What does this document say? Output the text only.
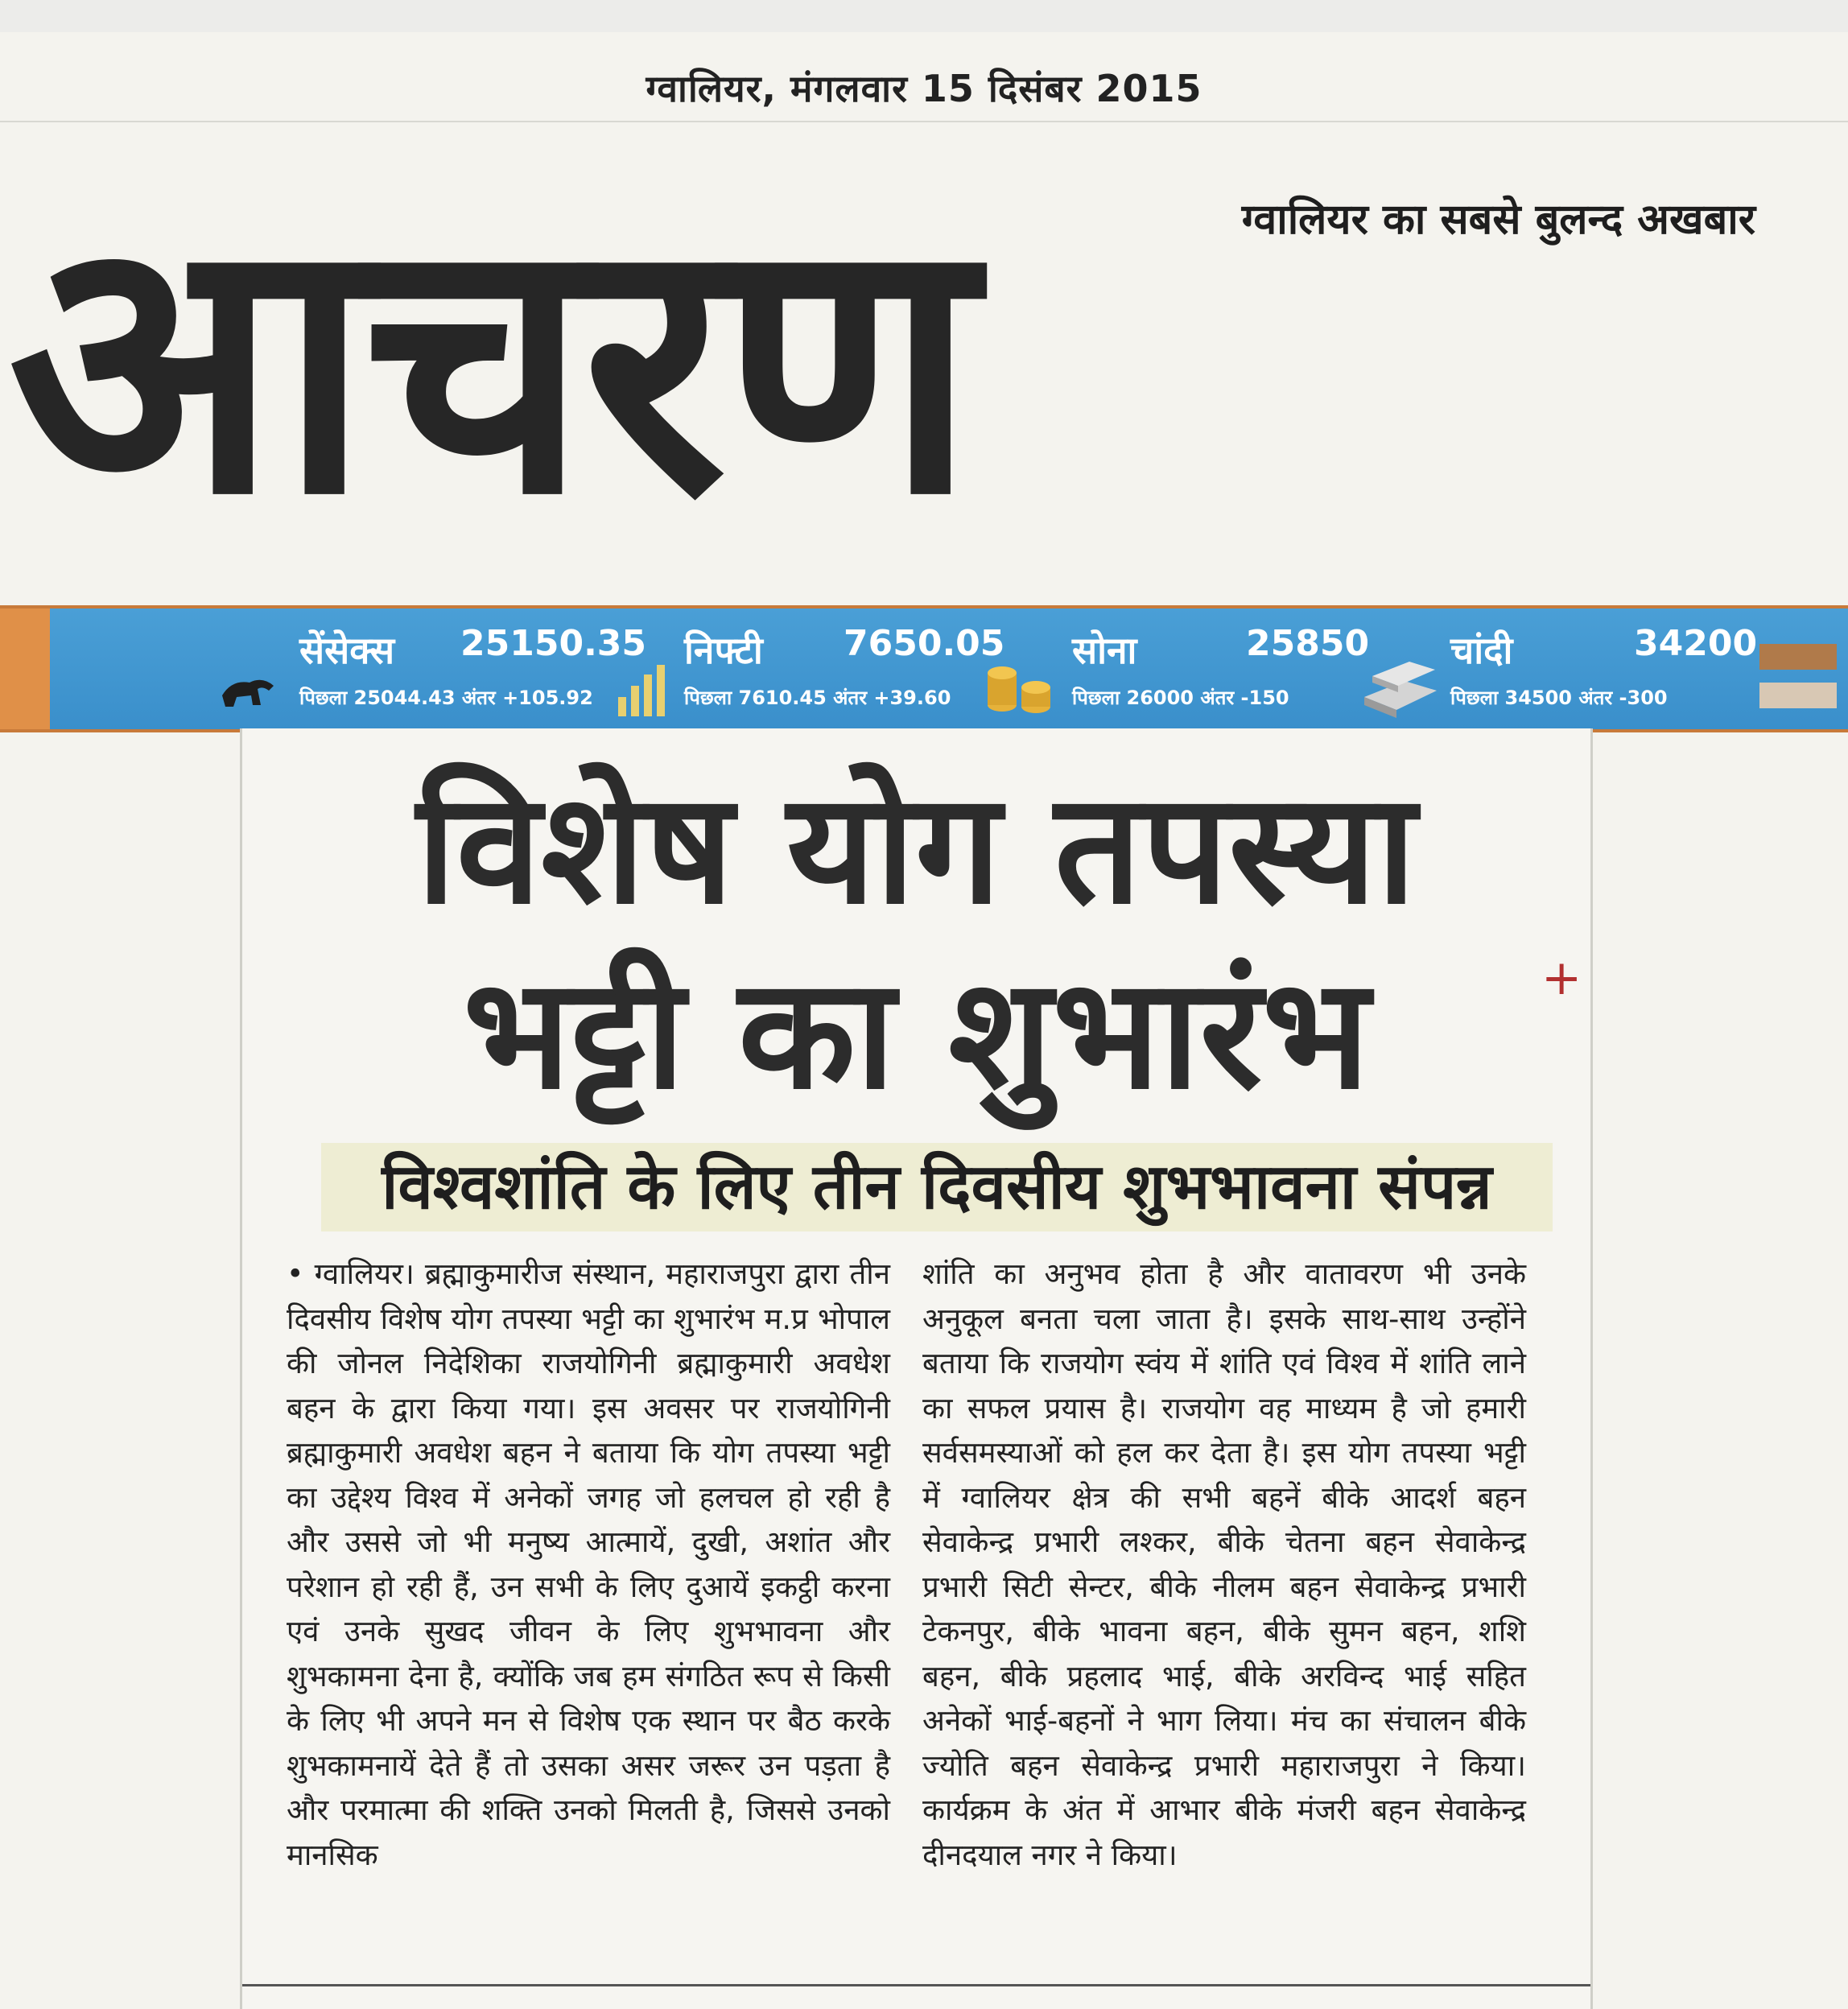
ग्वालियर, मंगलवार 15 दिसंबर 2015
ग्वालियर का सबसे बुलन्द अखबार
आचरण
सेंसेक्स 25150.35
पिछला 25044.43 अंतर +105.92
निफ्टी 7650.05
पिछला 7610.45 अंतर +39.60
सोना	25850
पिछला 26000 अंतर -150
चांदी	34200
पिछला 34500 अंतर -300
विशेष योग तपस्या
भट्टी का शुभारंभ
विश्वशांति के लिए तीन दिवसीय शुभभावना संपन्न
• ग्वालियर। ब्रह्माकुमारीज संस्थान, महाराजपुरा द्वारा तीन दिवसीय विशेष योग तपस्या भट्टी का शुभारंभ म.प्र भोपाल की जोनल निदेशिका राजयोगिनी ब्रह्माकुमारी अवधेश बहन के द्वारा किया गया। इस अवसर पर राजयोगिनी ब्रह्माकुमारी अवधेश बहन ने बताया कि योग तपस्या भट्टी का उद्देश्य विश्व में अनेकों जगह जो हलचल हो रही है और उससे जो भी मनुष्य आत्मायें, दुखी, अशांत और परेशान हो रही हैं, उन सभी के लिए दुआयें इकट्ठी करना एवं उनके सुखद जीवन के लिए शुभभावना और शुभकामना देना है, क्योंकि जब हम संगठित रूप से किसी के लिए भी अपने मन से विशेष एक स्थान पर बैठ करके शुभकामनायें देते हैं तो उसका असर जरूर उन पड़ता है और परमात्मा की शक्ति उनको मिलती है, जिससे उनको मानसिक
शांति का अनुभव होता है और वातावरण भी उनके अनुकूल बनता चला जाता है। इसके साथ-साथ उन्होंने बताया कि राजयोग स्वंय में शांति एवं विश्व में शांति लाने का सफल प्रयास है। राजयोग वह माध्यम है जो हमारी सर्वसमस्याओं को हल कर देता है। इस योग तपस्या भट्टी में ग्वालियर क्षेत्र की सभी बहनें बीके आदर्श बहन सेवाकेन्द्र प्रभारी लश्कर, बीके चेतना बहन सेवाकेन्द्र प्रभारी सिटी सेन्टर, बीके नीलम बहन सेवाकेन्द्र प्रभारी टेकनपुर, बीके भावना बहन, बीके सुमन बहन, शशि बहन, बीके प्रहलाद भाई, बीके अरविन्द भाई सहित अनेकों भाई-बहनों ने भाग लिया। मंच का संचालन बीके ज्योति बहन सेवाकेन्द्र प्रभारी महाराजपुरा ने किया। कार्यक्रम के अंत में आभार बीके मंजरी बहन सेवाकेन्द्र दीनदयाल नगर ने किया।
+
